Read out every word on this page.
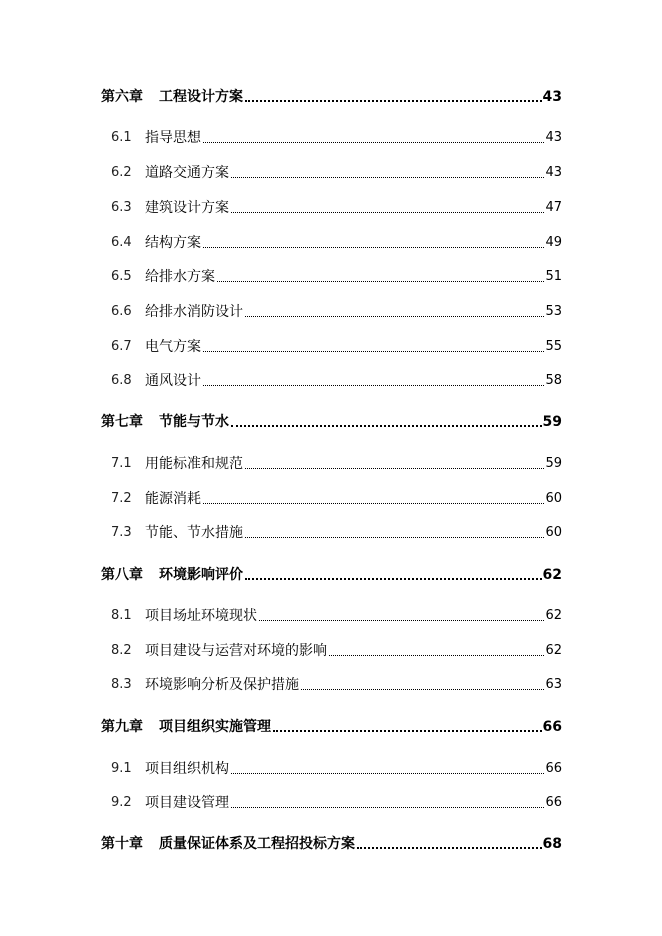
第六章 工程设计方案	43
6.1 指导思想	43
6.2 道路交通方案	43
6.3 建筑设计方案	47
6.4 结构方案	49
6.5 给排水方案	51
6.6 给排水消防设计	53
6.7 电气方案	55
6.8 通风设计	58
第七章 节能与节水	59
7.1 用能标准和规范	59
7.2 能源消耗	60
7.3 节能、节水措施	60
第八章 环境影响评价	62
8.1 项目场址环境现状	62
8.2 项目建设与运营对环境的影响	62
8.3 环境影响分析及保护措施	63
第九章 项目组织实施管理	66
9.1 项目组织机构	66
9.2 项目建设管理	66
第十章 质量保证体系及工程招投标方案	68
